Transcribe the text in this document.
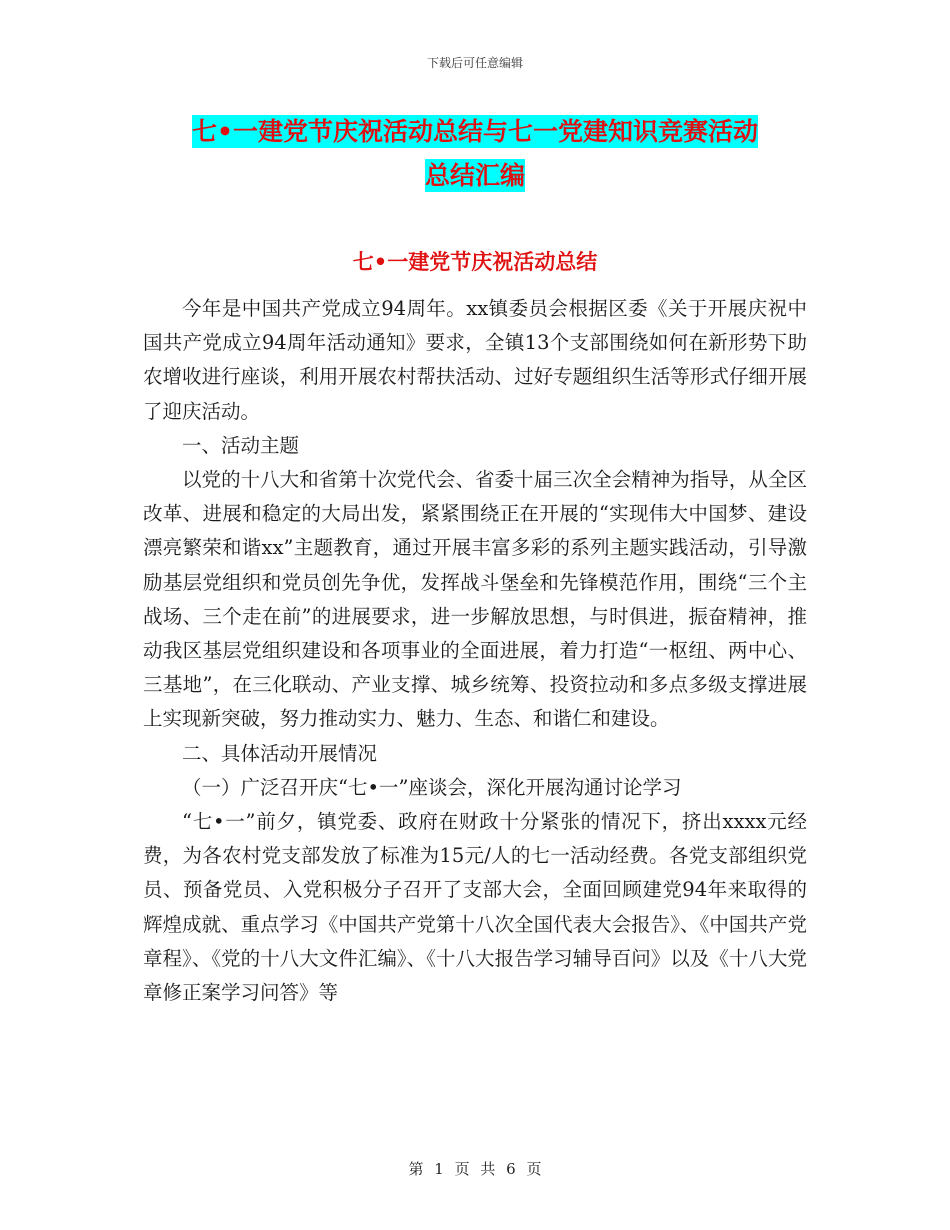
下载后可任意编辑
七•一建党节庆祝活动总结与七一党建知识竞赛活动
总结汇编
七•一建党节庆祝活动总结

今年是中国共产党成立94周年。xx镇委员会根据区委《关于开展庆祝中国共产党成立94周年活动通知》要求，全镇13个支部围绕如何在新形势下助农增收进行座谈，利用开展农村帮扶活动、过好专题组织生活等形式仔细开展了迎庆活动。

一、活动主题

以党的十八大和省第十次党代会、省委十届三次全会精神为指导，从全区改革、进展和稳定的大局出发，紧紧围绕正在开展的“实现伟大中国梦、建设漂亮繁荣和谐xx”主题教育，通过开展丰富多彩的系列主题实践活动，引导激励基层党组织和党员创先争优，发挥战斗堡垒和先锋模范作用，围绕“三个主战场、三个走在前”的进展要求，进一步解放思想，与时俱进，振奋精神，推动我区基层党组织建设和各项事业的全面进展，着力打造“一枢纽、两中心、三基地”，在三化联动、产业支撑、城乡统筹、投资拉动和多点多级支撑进展上实现新突破，努力推动实力、魅力、生态、和谐仁和建设。

二、具体活动开展情况

（一）广泛召开庆“七•一”座谈会，深化开展沟通讨论学习

“七•一”前夕，镇党委、政府在财政十分紧张的情况下，挤出xxxx元经费，为各农村党支部发放了标准为15元/人的七一活动经费。各党支部组织党员、预备党员、入党积极分子召开了支部大会，全面回顾建党94年来取得的辉煌成就、重点学习《中国共产党第十八次全国代表大会报告》、《中国共产党章程》、《党的十八大文件汇编》、《十八大报告学习辅导百问》以及《十八大党章修正案学习问答》等

第 1 页 共 6 页
